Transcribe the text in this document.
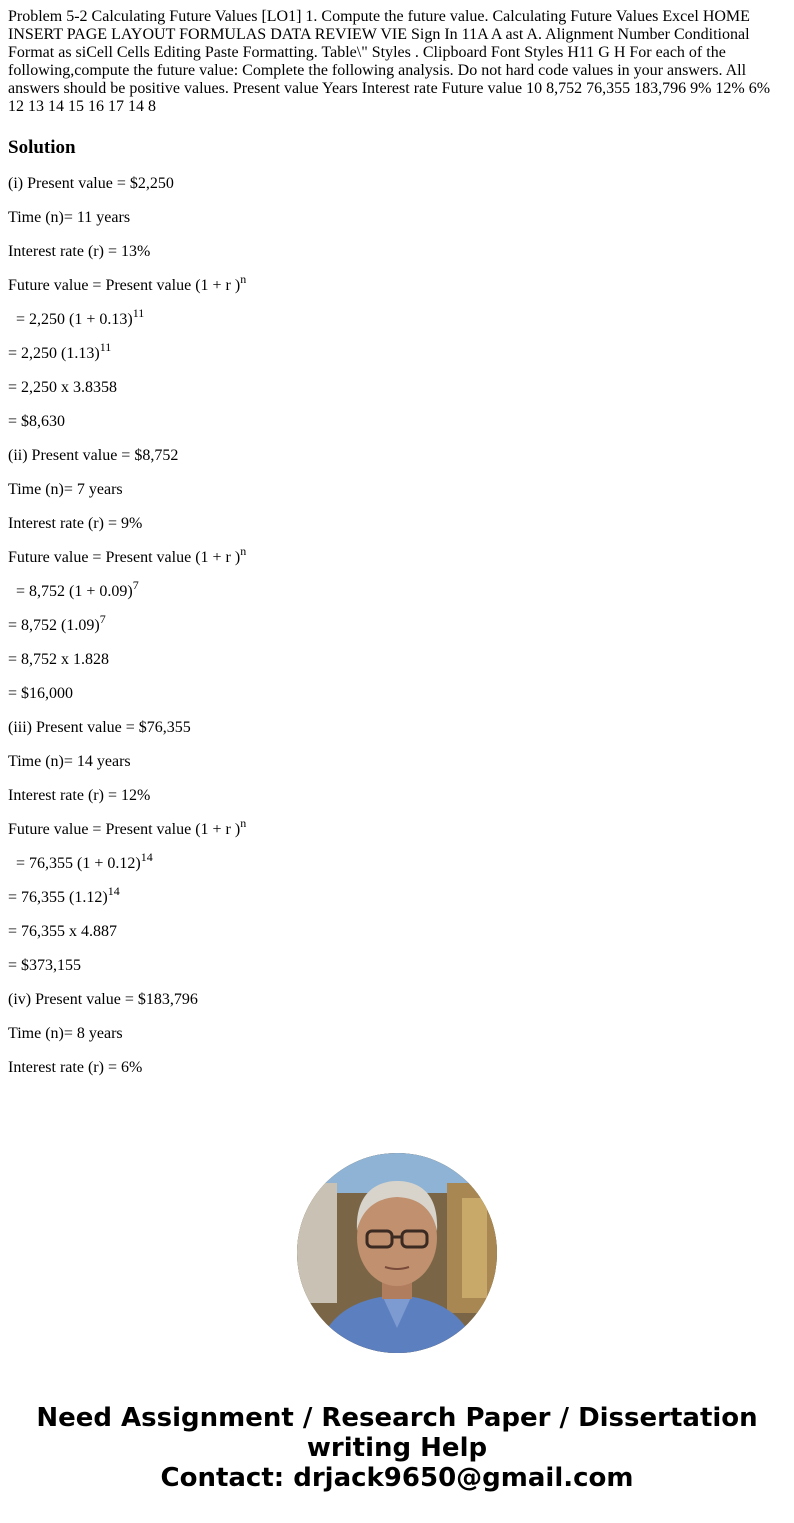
Problem 5-2 Calculating Future Values [LO1] 1. Compute the future value. Calculating Future Values Excel HOME INSERT PAGE LAYOUT FORMULAS DATA REVIEW VIE Sign In 11A A ast A. Alignment Number Conditional Format as siCell Cells Editing Paste Formatting. Table\" Styles . Clipboard Font Styles H11 G H For each of the following,compute the future value: Complete the following analysis. Do not hard code values in your answers. All answers should be positive values. Present value Years Interest rate Future value 10 8,752 76,355 183,796 9% 12% 6% 12 13 14 15 16 17 14 8

Solution

(i) Present value = $2,250

Time (n)= 11 years

Interest rate (r) = 13%

Future value = Present value (1 + r )$^n$

= 2,250 $(1 + 0.13)^{11}$

= 2,250 $(1.13)^{11}$

= 2,250 x 3.8358

= $8,630

(ii) Present value = $8,752

Time (n)= 7 years

Interest rate (r) = 9%

Future value = Present value (1 + r )$^n$

= 8,752 $(1 + 0.09)^7$

= 8,752 $(1.09)^7$

= 8,752 x 1.828

= $16,000

(iii) Present value = $76,355

Time (n)= 14 years

Interest rate (r) = 12%

Future value = Present value (1 + r )$^n$

= 76,355 $(1 + 0.12)^{14}$

= 76,355 $(1.12)^{14}$

= 76,355 x 4.887

= $373,155

(iv) Present value = $183,796

Time (n)= 8 years

Interest rate (r) = 6%

Need Assignment / Research Paper / Dissertation
writing Help
Contact: drjack9650@gmail.com
